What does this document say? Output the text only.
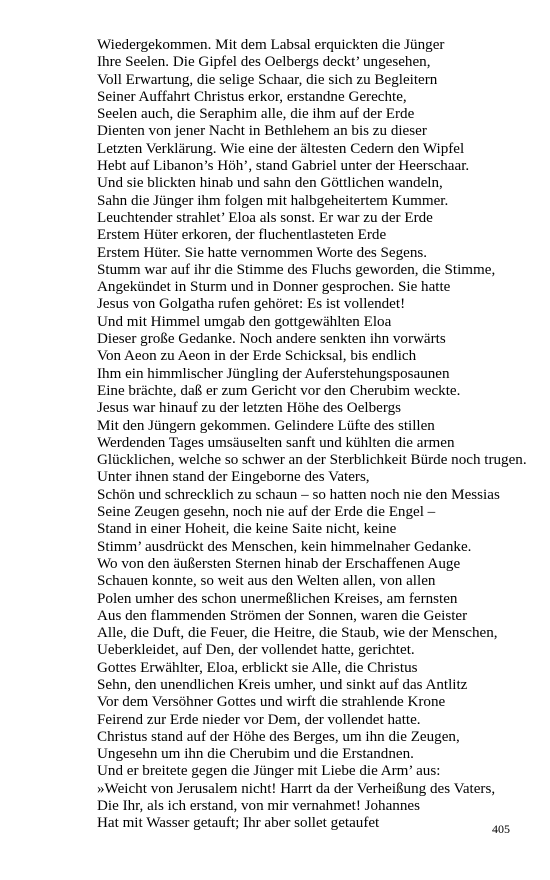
Wiedergekommen. Mit dem Labsal erquickten die Jünger
Ihre Seelen. Die Gipfel des Oelbergs deckt’ ungesehen,
Voll Erwartung, die selige Schaar, die sich zu Begleitern
Seiner Auffahrt Christus erkor, erstandne Gerechte,
Seelen auch, die Seraphim alle, die ihm auf der Erde
Dienten von jener Nacht in Bethlehem an bis zu dieser
Letzten Verklärung. Wie eine der ältesten Cedern den Wipfel
Hebt auf Libanon’s Höh’, stand Gabriel unter der Heerschaar.
Und sie blickten hinab und sahn den Göttlichen wandeln,
Sahn die Jünger ihm folgen mit halbgeheitertem Kummer.
Leuchtender strahlet’ Eloa als sonst. Er war zu der Erde
Erstem Hüter erkoren, der fluchentlasteten Erde
Erstem Hüter. Sie hatte vernommen Worte des Segens.
Stumm war auf ihr die Stimme des Fluchs geworden, die Stimme,
Angekündet in Sturm und in Donner gesprochen. Sie hatte
Jesus von Golgatha rufen gehöret: Es ist vollendet!
Und mit Himmel umgab den gottgewählten Eloa
Dieser große Gedanke. Noch andere senkten ihn vorwärts
Von Aeon zu Aeon in der Erde Schicksal, bis endlich
Ihm ein himmlischer Jüngling der Auferstehungsposaunen
Eine brächte, daß er zum Gericht vor den Cherubim weckte.
Jesus war hinauf zu der letzten Höhe des Oelbergs
Mit den Jüngern gekommen. Gelindere Lüfte des stillen
Werdenden Tages umsäuselten sanft und kühlten die armen
Glücklichen, welche so schwer an der Sterblichkeit Bürde noch trugen.
Unter ihnen stand der Eingeborne des Vaters,
Schön und schrecklich zu schaun – so hatten noch nie den Messias
Seine Zeugen gesehn, noch nie auf der Erde die Engel –
Stand in einer Hoheit, die keine Saite nicht, keine
Stimm’ ausdrückt des Menschen, kein himmelnaher Gedanke.
Wo von den äußersten Sternen hinab der Erschaffenen Auge
Schauen konnte, so weit aus den Welten allen, von allen
Polen umher des schon unermeßlichen Kreises, am fernsten
Aus den flammenden Strömen der Sonnen, waren die Geister
Alle, die Duft, die Feuer, die Heitre, die Staub, wie der Menschen,
Ueberkleidet, auf Den, der vollendet hatte, gerichtet.
Gottes Erwählter, Eloa, erblickt sie Alle, die Christus
Sehn, den unendlichen Kreis umher, und sinkt auf das Antlitz
Vor dem Versöhner Gottes und wirft die strahlende Krone
Feirend zur Erde nieder vor Dem, der vollendet hatte.
Christus stand auf der Höhe des Berges, um ihn die Zeugen,
Ungesehn um ihn die Cherubim und die Erstandnen.
Und er breitete gegen die Jünger mit Liebe die Arm’ aus:
»Weicht von Jerusalem nicht! Harrt da der Verheißung des Vaters,
Die Ihr, als ich erstand, von mir vernahmet! Johannes
Hat mit Wasser getauft; Ihr aber sollet getaufet	405
